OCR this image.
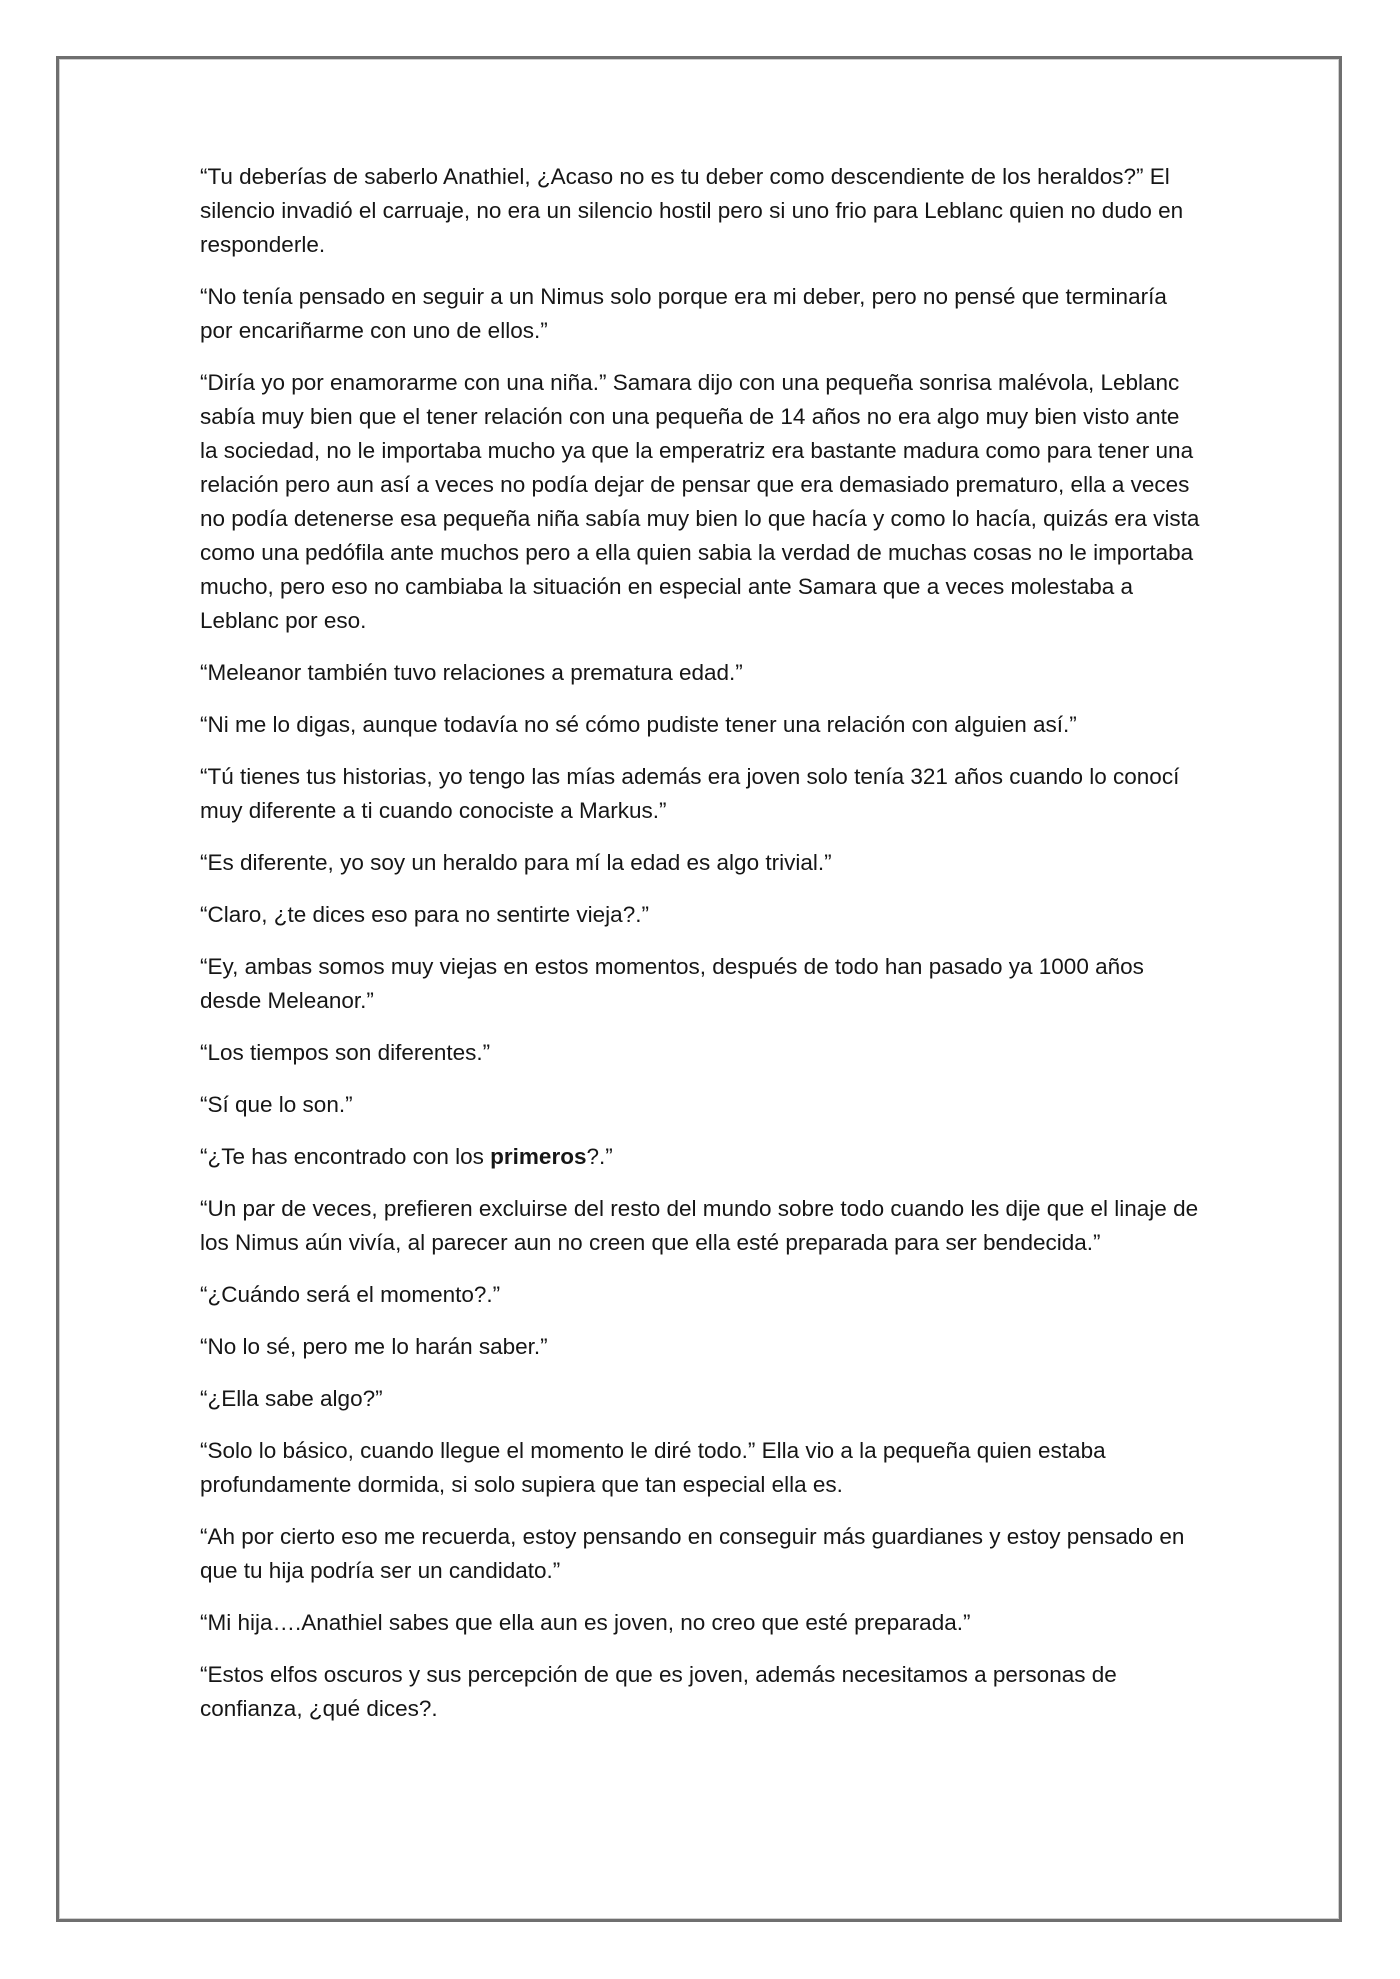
“Tu deberías de saberlo Anathiel, ¿Acaso no es tu deber como descendiente de los heraldos?” El silencio invadió el carruaje, no era un silencio hostil pero si uno frio para Leblanc quien no dudo en responderle.

“No tenía pensado en seguir a un Nimus solo porque era mi deber, pero no pensé que terminaría por encariñarme con uno de ellos.”

“Diría yo por enamorarme con una niña.” Samara dijo con una pequeña sonrisa malévola, Leblanc sabía muy bien que el tener relación con una pequeña de 14 años no era algo muy bien visto ante la sociedad, no le importaba mucho ya que la emperatriz era bastante madura como para tener una relación pero aun así a veces no podía dejar de pensar que era demasiado prematuro, ella a veces no podía detenerse esa pequeña niña sabía muy bien lo que hacía y como lo hacía, quizás era vista como una pedófila ante muchos pero a ella quien sabia la verdad de muchas cosas no le importaba mucho, pero eso no cambiaba la situación en especial ante Samara que a veces molestaba a Leblanc por eso.

“Meleanor también tuvo relaciones a prematura edad.”

“Ni me lo digas, aunque todavía no sé cómo pudiste tener una relación con alguien así.”

“Tú tienes tus historias, yo tengo las mías además era joven solo tenía 321 años cuando lo conocí muy diferente a ti cuando conociste a Markus.”

“Es diferente, yo soy un heraldo para mí la edad es algo trivial.”

“Claro, ¿te dices eso para no sentirte vieja?.”

“Ey, ambas somos muy viejas en estos momentos, después de todo han pasado ya 1000 años desde Meleanor.”

“Los tiempos son diferentes.”

“Sí que lo son.”

“¿Te has encontrado con los primeros?.”

“Un par de veces, prefieren excluirse del resto del mundo sobre todo cuando les dije que el linaje de los Nimus aún vivía, al parecer aun no creen que ella esté preparada para ser bendecida.”

“¿Cuándo será el momento?.”

“No lo sé, pero me lo harán saber.”

“¿Ella sabe algo?”

“Solo lo básico, cuando llegue el momento le diré todo.” Ella vio a la pequeña quien estaba profundamente dormida, si solo supiera que tan especial ella es.

“Ah por cierto eso me recuerda, estoy pensando en conseguir más guardianes y estoy pensado en que tu hija podría ser un candidato.”

“Mi hija….Anathiel sabes que ella aun es joven, no creo que esté preparada.”

“Estos elfos oscuros y sus percepción de que es joven, además necesitamos a personas de confianza, ¿qué dices?.
